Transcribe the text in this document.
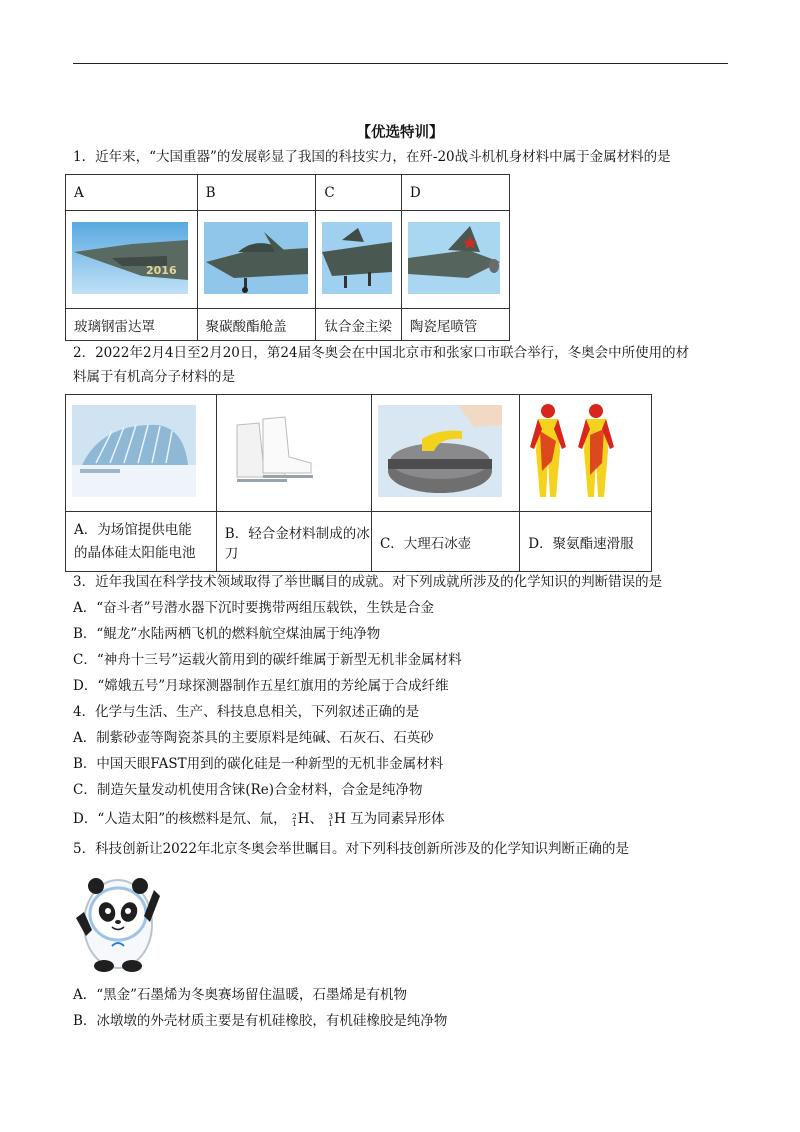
【优选特训】
1．近年来，“大国重器”的发展彰显了我国的科技实力，在歼-20战斗机机身材料中属于金属材料的是
A	B	C	D

2016

玻璃钢雷达罩	聚碳酸酯舱盖	钛合金主梁	陶瓷尾喷管
2．2022年2月4日至2月20日，第24届冬奥会在中国北京市和张家口市联合举行，冬奥会中所使用的材
料属于有机高分子材料的是

A．为场馆提供电能
的晶体硅太阳能电池	B．轻合金材料制成的冰刀	C．大理石冰壶	D．聚氨酯速滑服
3．近年我国在科学技术领域取得了举世瞩目的成就。对下列成就所涉及的化学知识的判断错误的是
A．“奋斗者”号潜水器下沉时要携带两组压载铁，生铁是合金
B．“鲲龙”水陆两栖飞机的燃料航空煤油属于纯净物
C．“神舟十三号”运载火箭用到的碳纤维属于新型无机非金属材料
D．“嫦娥五号”月球探测器制作五星红旗用的芳纶属于合成纤维
4．化学与生活、生产、科技息息相关，下列叙述正确的是
A．制紫砂壶等陶瓷茶具的主要原料是纯碱、石灰石、石英砂
B．中国天眼FAST用到的碳化硅是一种新型的无机非金属材料
C．制造矢量发动机使用含铼(Re)合金材料，合金是纯净物
D．“人造太阳”的核燃料是氘、氚， 2
1 H、 3
1 H 互为同素异形体
5．科技创新让2022年北京冬奥会举世瞩目。对下列科技创新所涉及的化学知识判断正确的是
A．“黑金”石墨烯为冬奥赛场留住温暖，石墨烯是有机物
B．冰墩墩的外壳材质主要是有机硅橡胶，有机硅橡胶是纯净物
